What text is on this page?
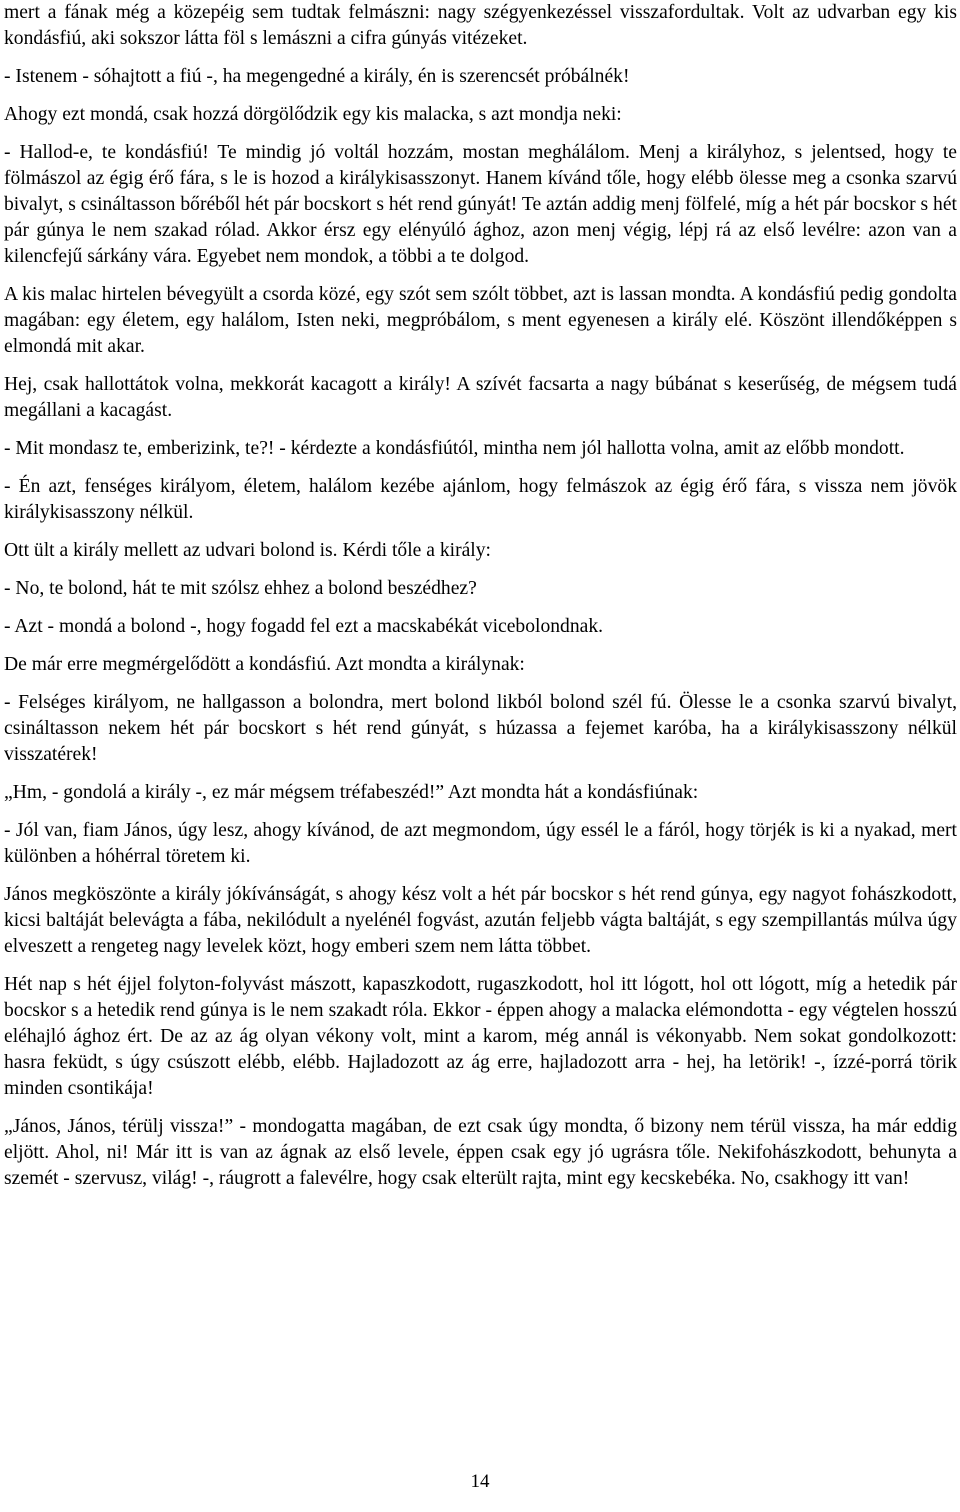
mert a fának még a közepéig sem tudtak felmászni: nagy szégyenkezéssel visszafordultak. Volt az udvarban egy kis kondásfiú, aki sokszor látta föl s lemászni a cifra gúnyás vitézeket.

- Istenem - sóhajtott a fiú -, ha megengedné a király, én is szerencsét próbálnék!

Ahogy ezt mondá, csak hozzá dörgölődzik egy kis malacka, s azt mondja neki:

- Hallod-e, te kondásfiú! Te mindig jó voltál hozzám, mostan meghálálom. Menj a királyhoz, s jelentsed, hogy te fölmászol az égig érő fára, s le is hozod a királykisasszonyt. Hanem kívánd tőle, hogy elébb ölesse meg a csonka szarvú bivalyt, s csináltasson bőréből hét pár bocskort s hét rend gúnyát! Te aztán addig menj fölfelé, míg a hét pár bocskor s hét pár gúnya le nem szakad rólad. Akkor érsz egy elényúló ághoz, azon menj végig, lépj rá az első levélre: azon van a kilencfejű sárkány vára. Egyebet nem mondok, a többi a te dolgod.

A kis malac hirtelen bévegyült a csorda közé, egy szót sem szólt többet, azt is lassan mondta. A kondásfiú pedig gondolta magában: egy életem, egy halálom, Isten neki, megpróbálom, s ment egyenesen a király elé. Köszönt illendőképpen s elmondá mit akar.

Hej, csak hallottátok volna, mekkorát kacagott a király! A szívét facsarta a nagy búbánat s keserűség, de mégsem tudá megállani a kacagást.

- Mit mondasz te, emberizink, te?! - kérdezte a kondásfiútól, mintha nem jól hallotta volna, amit az előbb mondott.

- Én azt, fenséges királyom, életem, halálom kezébe ajánlom, hogy felmászok az égig érő fára, s vissza nem jövök királykisasszony nélkül.

Ott ült a király mellett az udvari bolond is. Kérdi tőle a király:

- No, te bolond, hát te mit szólsz ehhez a bolond beszédhez?

- Azt - mondá a bolond -, hogy fogadd fel ezt a macskabékát vicebolondnak.

De már erre megmérgelődött a kondásfiú. Azt mondta a királynak:

- Felséges királyom, ne hallgasson a bolondra, mert bolond likból bolond szél fú. Ölesse le a csonka szarvú bivalyt, csináltasson nekem hét pár bocskort s hét rend gúnyát, s húzassa a fejemet karóba, ha a királykisasszony nélkül visszatérek!

„Hm, - gondolá a király -, ez már mégsem tréfabeszéd!” Azt mondta hát a kondásfiúnak:

- Jól van, fiam János, úgy lesz, ahogy kívánod, de azt megmondom, úgy essél le a fáról, hogy törjék is ki a nyakad, mert különben a hóhérral töretem ki.

János megköszönte a király jókívánságát, s ahogy kész volt a hét pár bocskor s hét rend gúnya, egy nagyot fohászkodott, kicsi baltáját belevágta a fába, nekilódult a nyelénél fogvást, azután feljebb vágta baltáját, s egy szempillantás múlva úgy elveszett a rengeteg nagy levelek közt, hogy emberi szem nem látta többet.

Hét nap s hét éjjel folyton-folyvást mászott, kapaszkodott, rugaszkodott, hol itt lógott, hol ott lógott, míg a hetedik pár bocskor s a hetedik rend gúnya is le nem szakadt róla. Ekkor - éppen ahogy a malacka elémondotta - egy végtelen hosszú eléhajló ághoz ért. De az az ág olyan vékony volt, mint a karom, még annál is vékonyabb. Nem sokat gondolkozott: hasra feküdt, s úgy csúszott elébb, elébb. Hajladozott az ág erre, hajladozott arra - hej, ha letörik! -, ízzé-porrá törik minden csontikája!

„János, János, térülj vissza!” - mondogatta magában, de ezt csak úgy mondta, ő bizony nem térül vissza, ha már eddig eljött. Ahol, ni! Már itt is van az ágnak az első levele, éppen csak egy jó ugrásra tőle. Nekifohászkodott, behunyta a szemét - szervusz, világ! -, ráugrott a falevélre, hogy csak elterült rajta, mint egy kecskebéka. No, csakhogy itt van!

14
